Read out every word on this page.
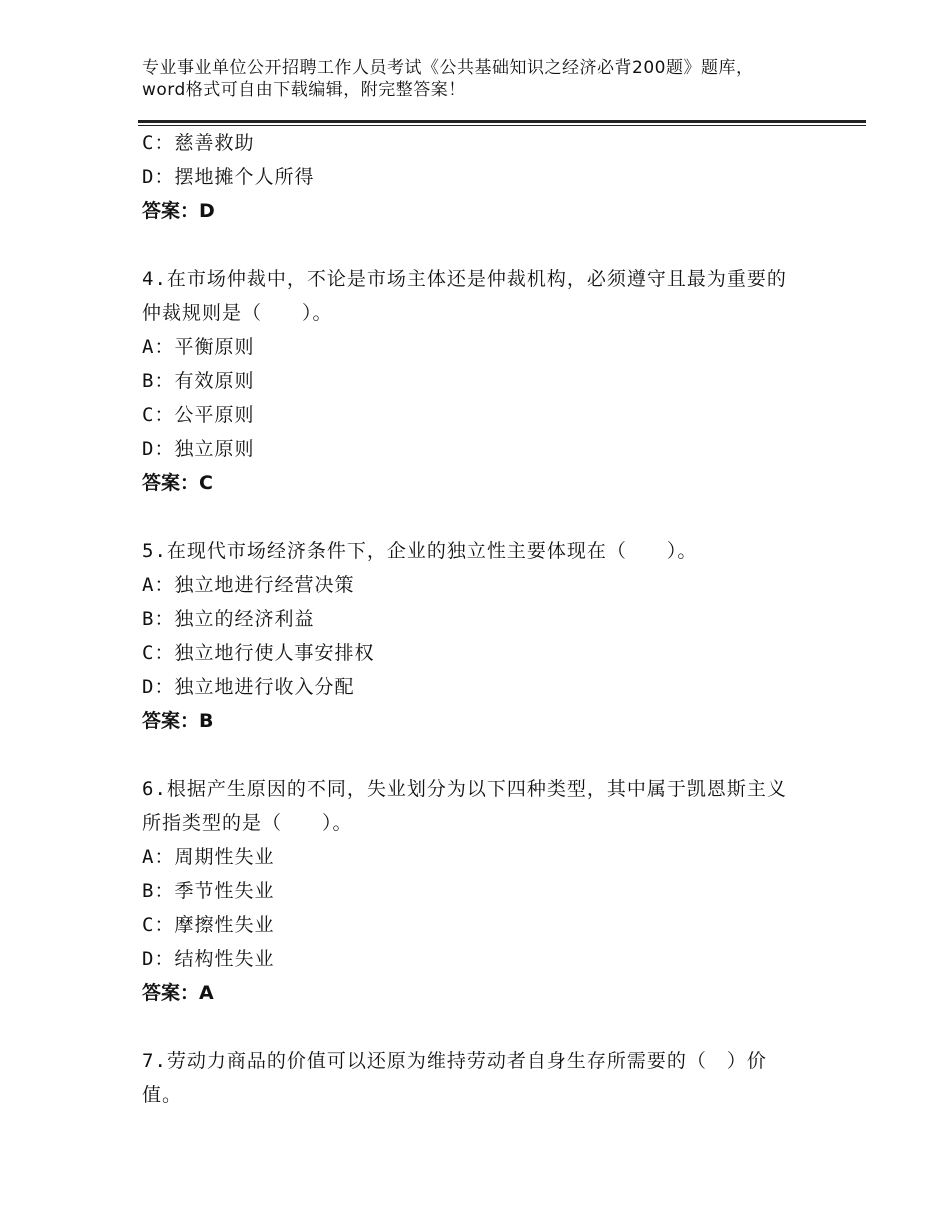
专业事业单位公开招聘工作人员考试《公共基础知识之经济必背200题》题库，word格式可自由下载编辑，附完整答案！
C：慈善救助
D：摆地摊个人所得
答案：D
4.在市场仲裁中，不论是市场主体还是仲裁机构，必须遵守且最为重要的仲裁规则是（　　）。
A：平衡原则
B：有效原则
C：公平原则
D：独立原则
答案：C
5.在现代市场经济条件下，企业的独立性主要体现在（　　）。
A：独立地进行经营决策
B：独立的经济利益
C：独立地行使人事安排权
D：独立地进行收入分配
答案：B
6.根据产生原因的不同，失业划分为以下四种类型，其中属于凯恩斯主义所指类型的是（　　）。
A：周期性失业
B：季节性失业
C：摩擦性失业
D：结构性失业
答案：A
7.劳动力商品的价值可以还原为维持劳动者自身生存所需要的（　）价值。
